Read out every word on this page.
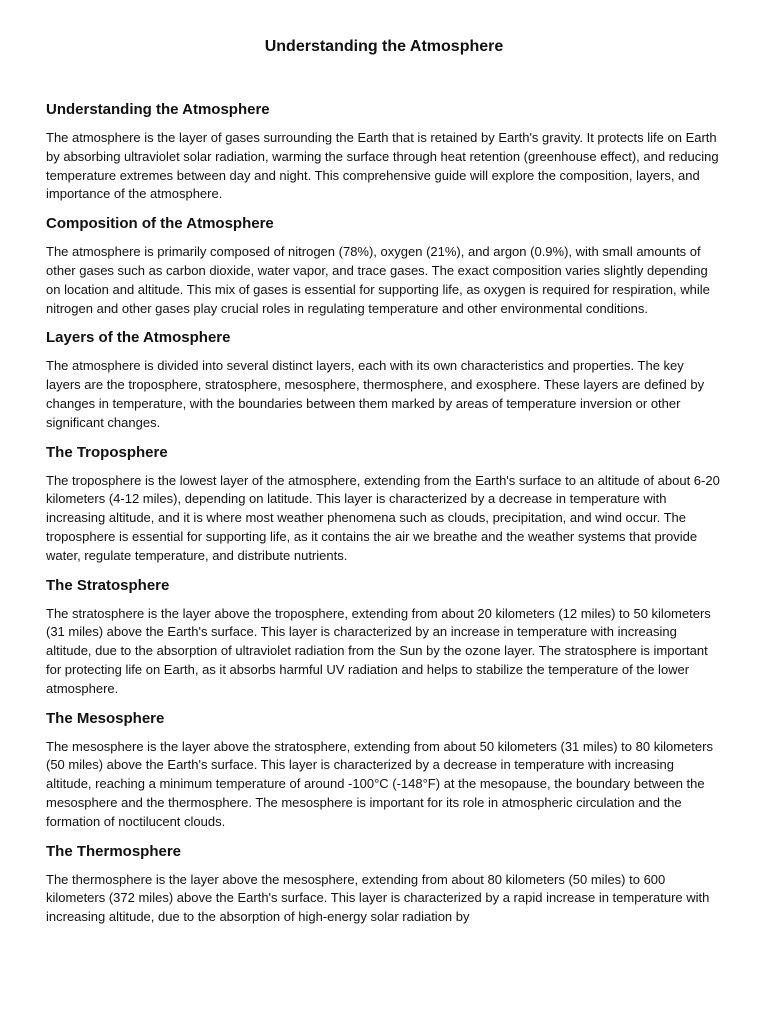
Understanding the Atmosphere
Understanding the Atmosphere

The atmosphere is the layer of gases surrounding the Earth that is retained by Earth's gravity. It protects life on Earth by absorbing ultraviolet solar radiation, warming the surface through heat retention (greenhouse effect), and reducing temperature extremes between day and night. This comprehensive guide will explore the composition, layers, and importance of the atmosphere.

Composition of the Atmosphere

The atmosphere is primarily composed of nitrogen (78%), oxygen (21%), and argon (0.9%), with small amounts of other gases such as carbon dioxide, water vapor, and trace gases. The exact composition varies slightly depending on location and altitude. This mix of gases is essential for supporting life, as oxygen is required for respiration, while nitrogen and other gases play crucial roles in regulating temperature and other environmental conditions.

Layers of the Atmosphere

The atmosphere is divided into several distinct layers, each with its own characteristics and properties. The key layers are the troposphere, stratosphere, mesosphere, thermosphere, and exosphere. These layers are defined by changes in temperature, with the boundaries between them marked by areas of temperature inversion or other significant changes.

The Troposphere

The troposphere is the lowest layer of the atmosphere, extending from the Earth's surface to an altitude of about 6-20 kilometers (4-12 miles), depending on latitude. This layer is characterized by a decrease in temperature with increasing altitude, and it is where most weather phenomena such as clouds, precipitation, and wind occur. The troposphere is essential for supporting life, as it contains the air we breathe and the weather systems that provide water, regulate temperature, and distribute nutrients.

The Stratosphere

The stratosphere is the layer above the troposphere, extending from about 20 kilometers (12 miles) to 50 kilometers (31 miles) above the Earth's surface. This layer is characterized by an increase in temperature with increasing altitude, due to the absorption of ultraviolet radiation from the Sun by the ozone layer. The stratosphere is important for protecting life on Earth, as it absorbs harmful UV radiation and helps to stabilize the temperature of the lower atmosphere.

The Mesosphere

The mesosphere is the layer above the stratosphere, extending from about 50 kilometers (31 miles) to 80 kilometers (50 miles) above the Earth's surface. This layer is characterized by a decrease in temperature with increasing altitude, reaching a minimum temperature of around -100°C (-148°F) at the mesopause, the boundary between the mesosphere and the thermosphere. The mesosphere is important for its role in atmospheric circulation and the formation of noctilucent clouds.

The Thermosphere

The thermosphere is the layer above the mesosphere, extending from about 80 kilometers (50 miles) to 600 kilometers (372 miles) above the Earth's surface. This layer is characterized by a rapid increase in temperature with increasing altitude, due to the absorption of high-energy solar radiation by
